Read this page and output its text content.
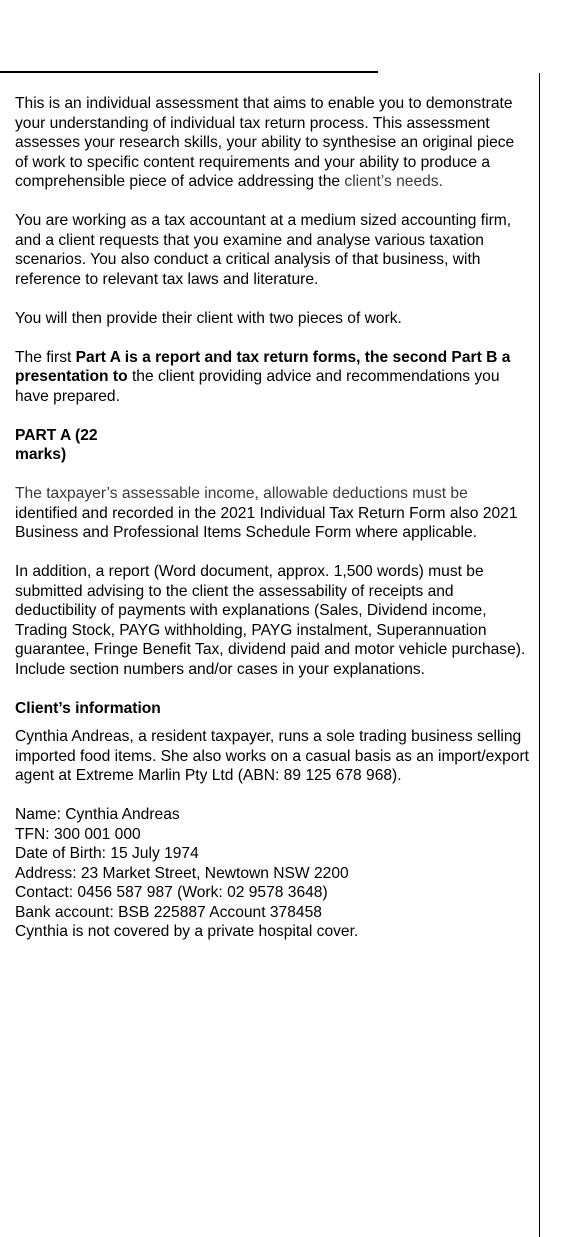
This is an individual assessment that aims to enable you to demonstrate your understanding of individual tax return process. This assessment assesses your research skills, your ability to synthesise an original piece of work to specific content requirements and your ability to produce a comprehensible piece of advice addressing the client’s needs.

You are working as a tax accountant at a medium sized accounting firm, and a client requests that you examine and analyse various taxation scenarios. You also conduct a critical analysis of that business, with reference to relevant tax laws and literature.

You will then provide their client with two pieces of work.

The first Part A is a report and tax return forms, the second Part B a presentation to the client providing advice and recommendations you have prepared.

PART A (22 marks)

The taxpayer’s assessable income, allowable deductions must be identified and recorded in the 2021 Individual Tax Return Form also 2021 Business and Professional Items Schedule Form where applicable.

In addition, a report (Word document, approx. 1,500 words) must be submitted advising to the client the assessability of receipts and deductibility of payments with explanations (Sales, Dividend income, Trading Stock, PAYG withholding, PAYG instalment, Superannuation guarantee, Fringe Benefit Tax, dividend paid and motor vehicle purchase). Include section numbers and/or cases in your explanations.

Client’s information

Cynthia Andreas, a resident taxpayer, runs a sole trading business selling imported food items. She also works on a casual basis as an import/export agent at Extreme Marlin Pty Ltd (ABN: 89 125 678 968).

Name: Cynthia Andreas

TFN: 300 001 000

Date of Birth: 15 July 1974

Address: 23 Market Street, Newtown NSW 2200

Contact: 0456 587 987 (Work: 02 9578 3648)

Bank account: BSB 225887 Account 378458

Cynthia is not covered by a private hospital cover.
